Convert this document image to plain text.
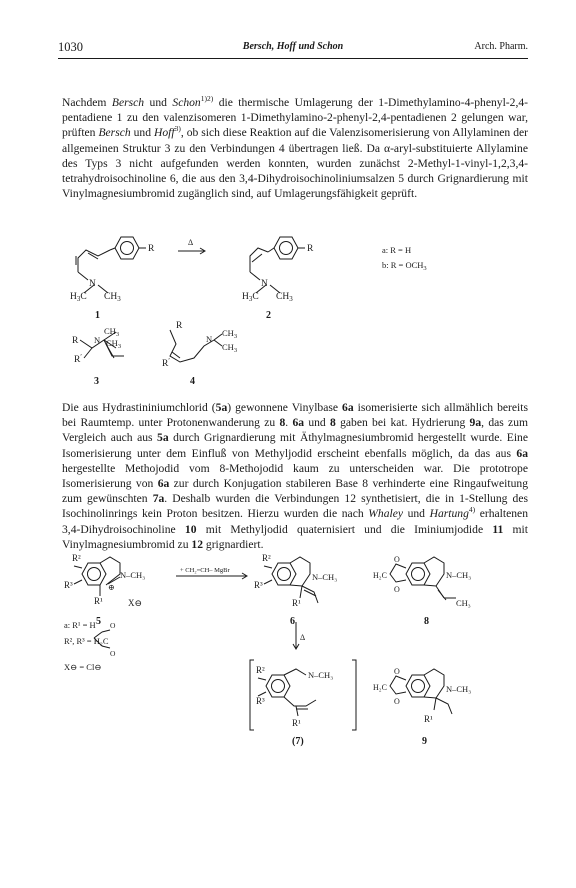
1030	Bersch, Hoff und Schon	Arch. Pharm.

Nachdem Bersch und Schon$^{1)2)}$ die thermische Umlagerung der 1-Dimethylamino-4-phenyl-2,4-pentadiene 1 zu den valenzisomeren 1-Dimethylamino-2-phenyl-2,4-pentadienen 2 gelungen war, prüften Bersch und Hoff$^{3)}$, ob sich diese Reaktion auf die Valenzisomerisierung von Allylaminen der allgemeinen Struktur 3 zu den Verbindungen 4 übertragen ließ. Da α-aryl-substituierte Allylamine des Typs 3 nicht aufgefunden werden konnten, wurden zunächst 2-Methyl-1-vinyl-1,2,3,4-tetrahydroisochinoline 6, die aus den 3,4-Dihydroisochinoliniumsalzen 5 durch Grignardierung mit Vinylmagnesiumbromid zugänglich sind, auf Umlagerungsfähigkeit geprüft.

R
N
$H_3C$ $CH_3$
1
Δ
R
N
$H_3C$ $CH_3$
2
a: R = H
b: $R = OCH_3$
R N
$CH_3$
$CH_3$
R′
3
R
R′
N
$CH_3$
$CH_3$
4

Die aus Hydrastininiumchlorid (5a) gewonnene Vinylbase 6a isomerisierte sich allmählich bereits bei Raumtemp. unter Protonenwanderung zu 8. 6a und 8 gaben bei kat. Hydrierung 9a, das zum Vergleich auch aus 5a durch Grignardierung mit Äthylmagnesiumbromid hergestellt wurde. Eine Isomerisierung unter dem Einfluß von Methyljodid erscheint ebenfalls möglich, da das aus 6a hergestellte Methojodid vom 8-Methojodid kaum zu unterscheiden war. Die prototrope Isomerisierung von 6a zur durch Konjugation stabileren Base 8 verhinderte eine Ringaufweitung zum gewünschten 7a. Deshalb wurden die Verbindungen 12 synthetisiert, die in 1-Stellung des Isochinolinrings kein Proton besitzen. Hierzu wurden die nach Whaley und Hartung$^{4)}$ erhaltenen 3,4-Dihydroisochinoline 10 mit Methyljodid quaternisiert und die Iminiumjodide 11 mit Vinylmagnesiumbromid zu 12 grignardiert.

R²
R³
N–CH₃
⊕
R¹	X⊖
5
+ CH₂=CH– MgBr
R²
R³
N–CH₃
R¹
6
H₂C
O
O
N–CH₃
CH₃
8
Δ
R²
R³
N–CH₃
R¹
(7)
H₂C
O
O
N–CH₃
R¹
9
a: R¹ = H O
R², R³ = H₂C
O
X⊖ = Cl⊖
